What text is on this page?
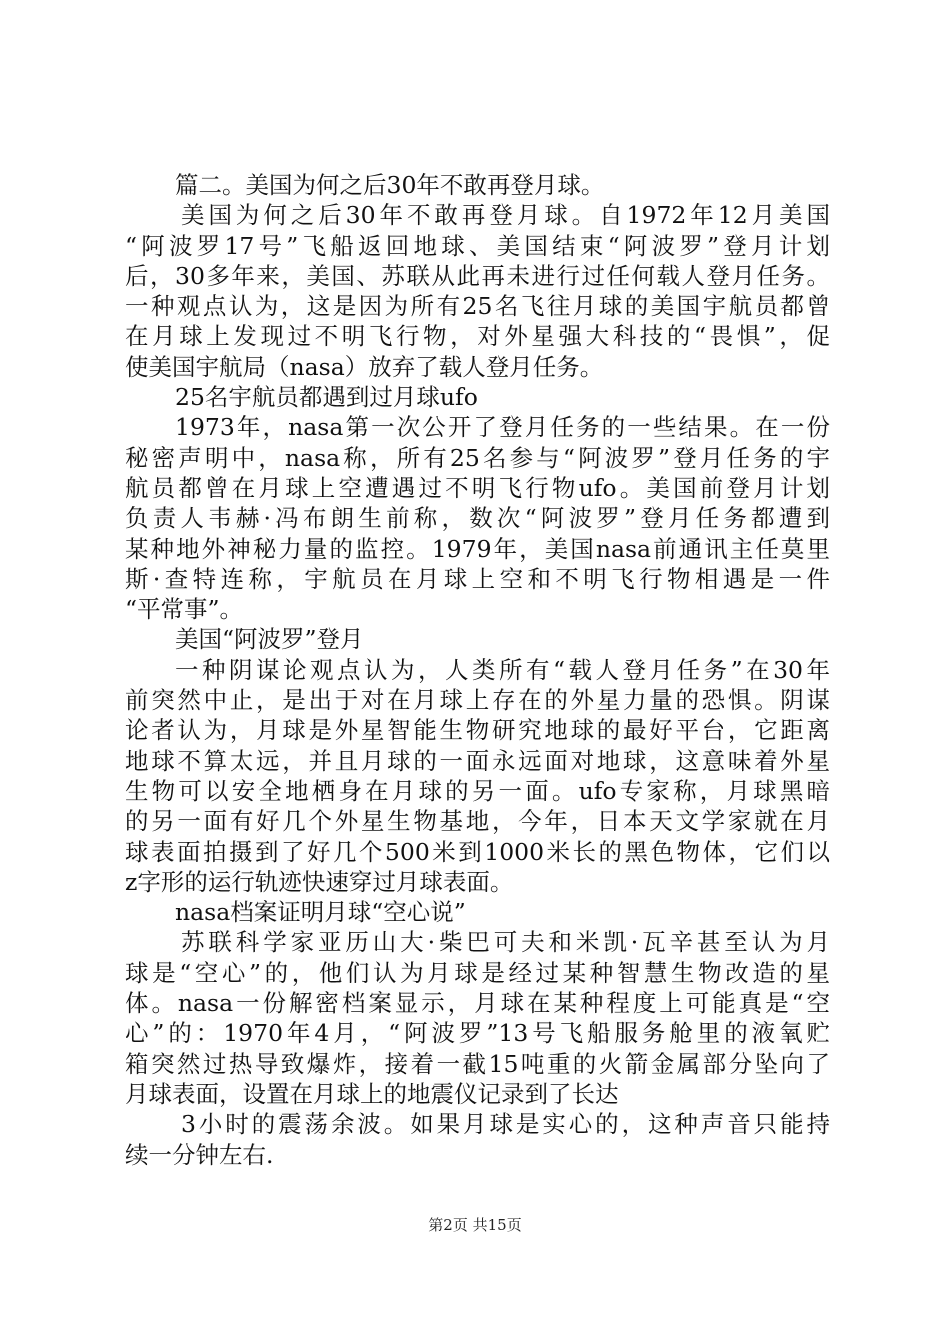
篇二。美国为何之后30年不敢再登月球。
美国为何之后30年不敢再登月球。自1972年12月美国
“阿波罗17号”飞船返回地球、美国结束“阿波罗”登月计划
后，30多年来，美国、苏联从此再未进行过任何载人登月任务。
一种观点认为，这是因为所有25名飞往月球的美国宇航员都曾
在月球上发现过不明飞行物，对外星强大科技的“畏惧”，促
使美国宇航局（nasa）放弃了载人登月任务。
25名宇航员都遇到过月球ufo
1973年，nasa第一次公开了登月任务的一些结果。在一份
秘密声明中，nasa称，所有25名参与“阿波罗”登月任务的宇
航员都曾在月球上空遭遇过不明飞行物ufo。美国前登月计划
负责人韦赫·冯布朗生前称，数次“阿波罗”登月任务都遭到
某种地外神秘力量的监控。1979年，美国nasa前通讯主任莫里
斯·查特连称，宇航员在月球上空和不明飞行物相遇是一件
“平常事”。
美国“阿波罗”登月
一种阴谋论观点认为，人类所有“载人登月任务”在30年
前突然中止，是出于对在月球上存在的外星力量的恐惧。阴谋
论者认为，月球是外星智能生物研究地球的最好平台，它距离
地球不算太远，并且月球的一面永远面对地球，这意味着外星
生物可以安全地栖身在月球的另一面。ufo专家称，月球黑暗
的另一面有好几个外星生物基地，今年，日本天文学家就在月
球表面拍摄到了好几个500米到1000米长的黑色物体，它们以
z字形的运行轨迹快速穿过月球表面。
nasa档案证明月球“空心说”
苏联科学家亚历山大·柴巴可夫和米凯·瓦辛甚至认为月
球是“空心”的，他们认为月球是经过某种智慧生物改造的星
体。nasa一份解密档案显示，月球在某种程度上可能真是“空
心”的：1970年4月，“阿波罗”13号飞船服务舱里的液氧贮
箱突然过热导致爆炸，接着一截15吨重的火箭金属部分坠向了
月球表面，设置在月球上的地震仪记录到了长达
3小时的震荡余波。如果月球是实心的，这种声音只能持
续一分钟左右.
第2页 共15页
